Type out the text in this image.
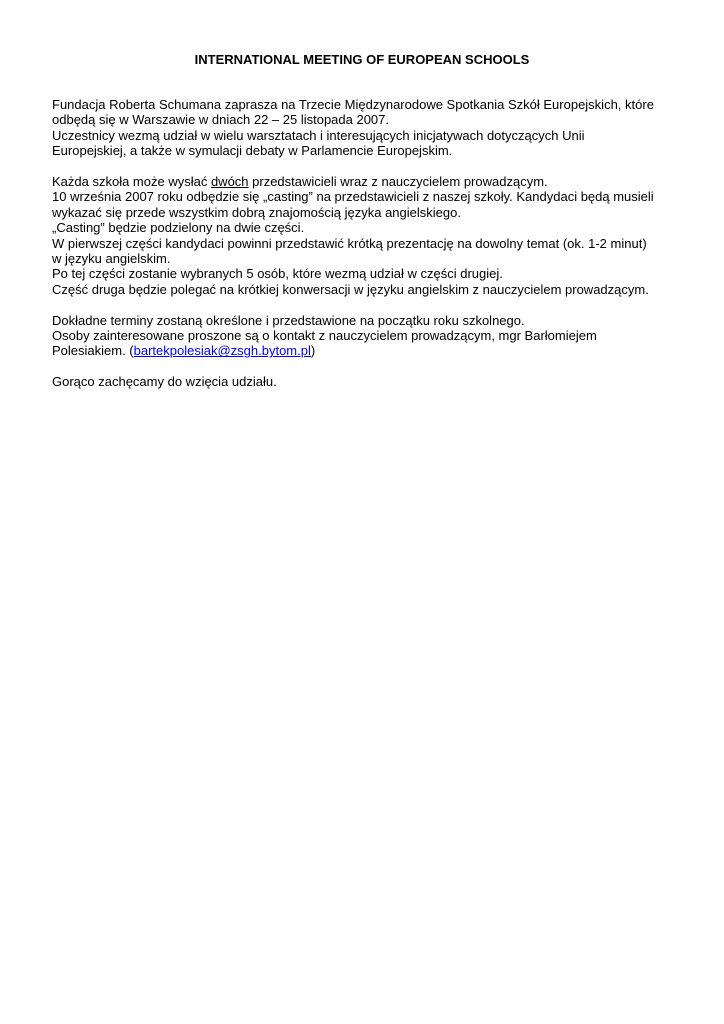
INTERNATIONAL MEETING OF EUROPEAN SCHOOLS
Fundacja Roberta Schumana zaprasza na Trzecie Międzynarodowe Spotkania Szkół Europejskich, które
odbędą się w Warszawie w dniach 22 – 25 listopada 2007.
Uczestnicy wezmą udział w wielu warsztatach i interesujących inicjatywach dotyczących Unii
Europejskiej, a także w symulacji debaty w Parlamencie Europejskim.
Każda szkoła może wysłać dwóch przedstawicieli wraz z nauczycielem prowadzącym.
10 września 2007 roku odbędzie się „casting” na przedstawicieli z naszej szkoły. Kandydaci będą musieli
wykazać się przede wszystkim dobrą znajomością języka angielskiego.
„Casting” będzie podzielony na dwie części.
W pierwszej części kandydaci powinni przedstawić krótką prezentację na dowolny temat (ok. 1-2 minut)
w języku angielskim.
Po tej części zostanie wybranych 5 osób, które wezmą udział w części drugiej.
Część druga będzie polegać na krótkiej konwersacji w języku angielskim z nauczycielem prowadzącym.
Dokładne terminy zostaną określone i przedstawione na początku roku szkolnego.
Osoby zainteresowane proszone są o kontakt z nauczycielem prowadzącym, mgr Barłomiejem
Polesiakiem. (bartekpolesiak@zsgh.bytom.pl)
Gorąco zachęcamy do wzięcia udziału.
